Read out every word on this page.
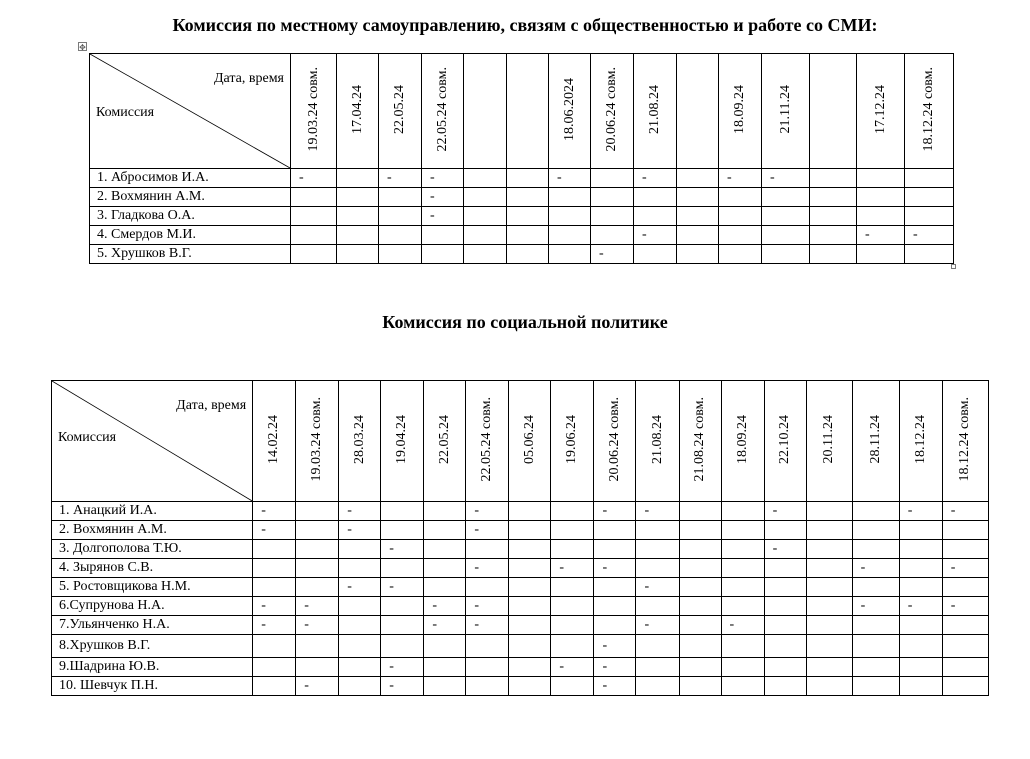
Комиссия по местному самоуправлению, связям с общественностью и работе со СМИ:
✥
Дата, время
Комиссия	19.03.24 совм.	17.04.24	22.05.24	22.05.24 совм.			18.06.2024	20.06.24 совм.	21.08.24		18.09.24	21.11.24		17.12.24	18.12.24 совм.
1. Абросимов И.А.	-		-	-			-		-		-	-			
2. Вохмянин А.М.				-											
3. Гладкова О.А.				-											
4. Смердов М.И.									-					-	-
5. Хрушков В.Г.								-							
Комиссия по социальной политике
Дата, время
Комиссия	14.02.24	19.03.24 совм.	28.03.24	19.04.24	22.05.24	22.05.24 совм.	05.06.24	19.06.24	20.06.24 совм.	21.08.24	21.08.24 совм.	18.09.24	22.10.24	20.11.24	28.11.24	18.12.24	18.12.24 совм.
1. Анацкий И.А.	-		-			-			-	-			-			-	-
2. Вохмянин А.М.	-		-			-											
3. Долгополова Т.Ю.				-									-				
4. Зырянов С.В.						-		-	-						-		-
5. Ростовщикова Н.М.			-	-						-							
6.Супрунова Н.А.	-	-			-	-									-	-	-
7.Ульянченко Н.А.	-	-			-	-				-		-					
8.Хрушков В.Г.									-								
9.Шадрина Ю.В.				-				-	-								
10. Шевчук П.Н.		-		-					-								
